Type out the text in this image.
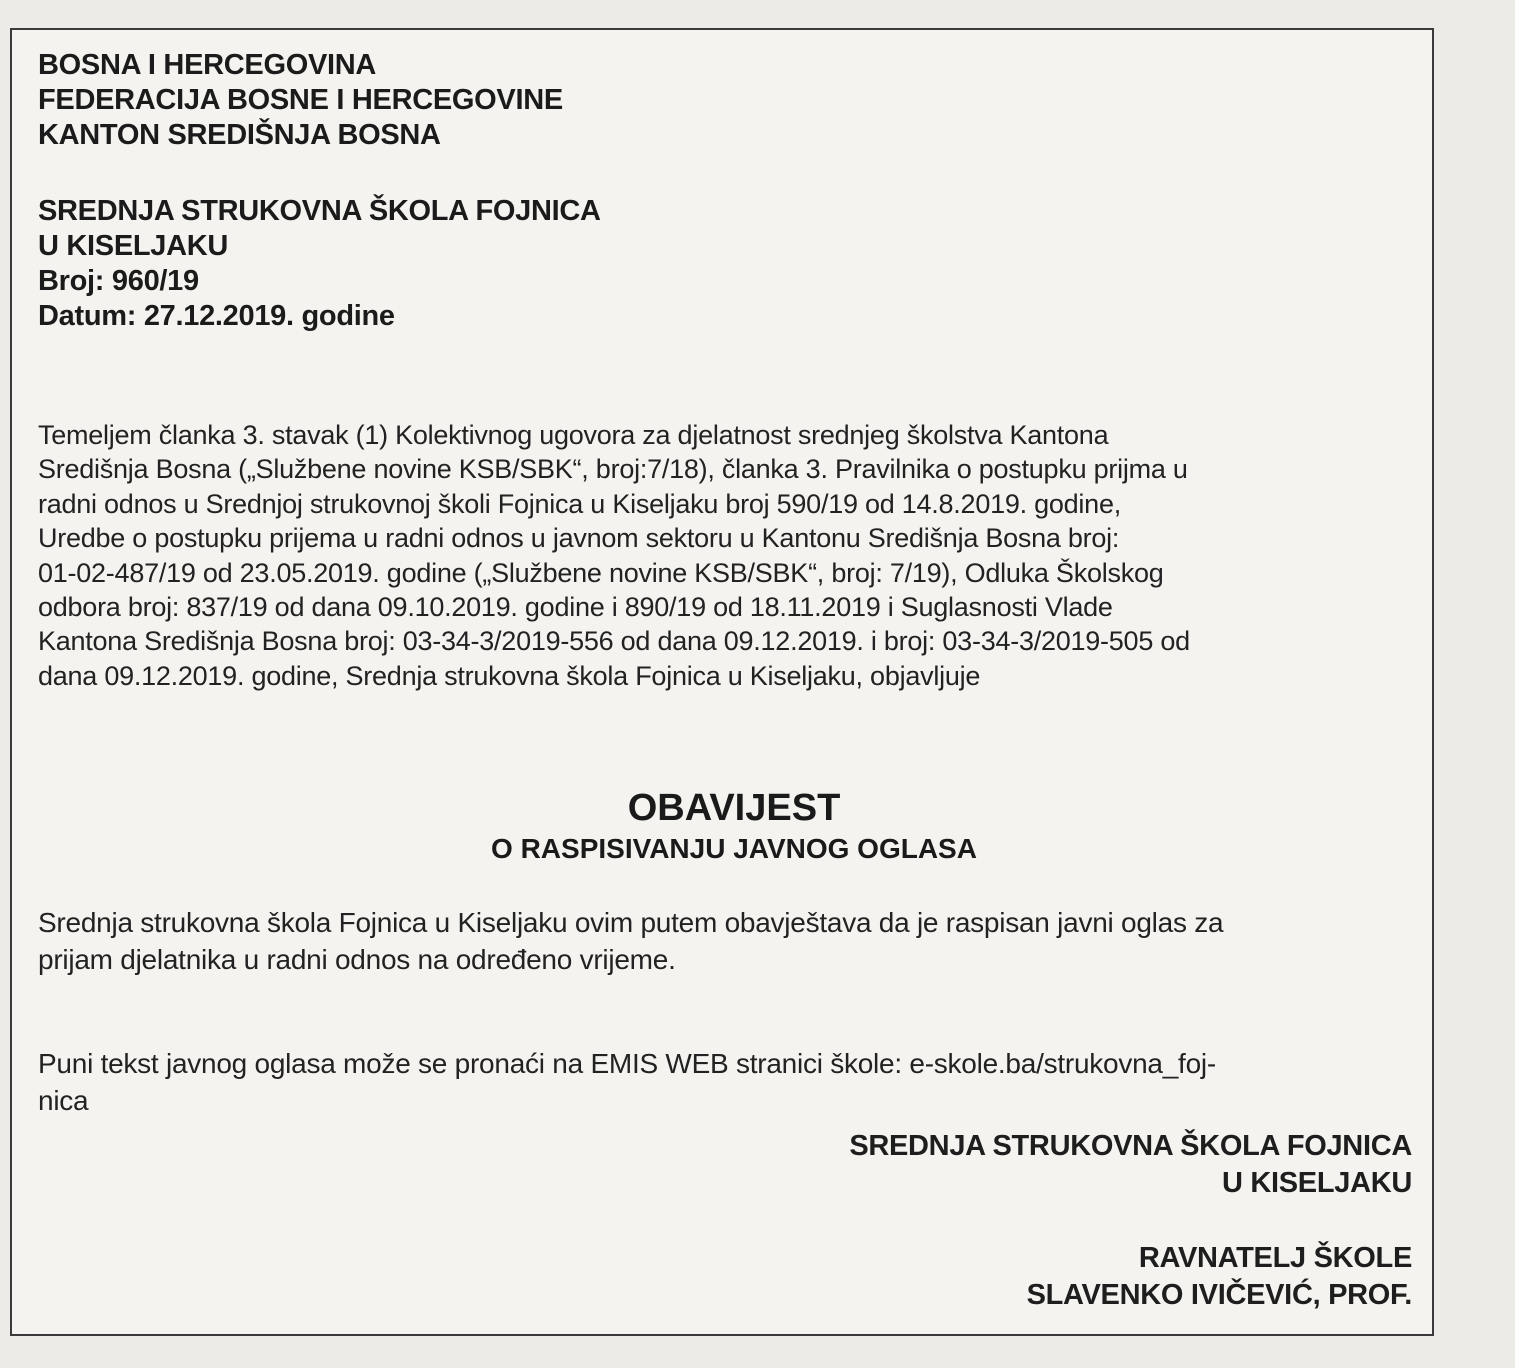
BOSNA I HERCEGOVINA
FEDERACIJA BOSNE I HERCEGOVINE
KANTON SREDIŠNJA BOSNA
SREDNJA STRUKOVNA ŠKOLA FOJNICA
U KISELJAKU
Broj: 960/19
Datum: 27.12.2019. godine
Temeljem članka 3. stavak (1) Kolektivnog ugovora za djelatnost srednjeg školstva Kantona
Središnja Bosna („Službene novine KSB/SBK“, broj:7/18), članka 3. Pravilnika o postupku prijma u
radni odnos u Srednjoj strukovnoj školi Fojnica u Kiseljaku broj 590/19 od 14.8.2019. godine,
Uredbe o postupku prijema u radni odnos u javnom sektoru u Kantonu Središnja Bosna broj:
01-02-487/19 od 23.05.2019. godine („Službene novine KSB/SBK“, broj: 7/19), Odluka Školskog
odbora broj: 837/19 od dana 09.10.2019. godine i 890/19 od 18.11.2019 i Suglasnosti Vlade
Kantona Središnja Bosna broj: 03-34-3/2019-556 od dana 09.12.2019. i broj: 03-34-3/2019-505 od
dana 09.12.2019. godine, Srednja strukovna škola Fojnica u Kiseljaku, objavljuje
OBAVIJEST
O RASPISIVANJU JAVNOG OGLASA
Srednja strukovna škola Fojnica u Kiseljaku ovim putem obavještava da je raspisan javni oglas za
prijam djelatnika u radni odnos na određeno vrijeme.
Puni tekst javnog oglasa može se pronaći na EMIS WEB stranici škole: e-skole.ba/strukovna_foj-
nica
SREDNJA STRUKOVNA ŠKOLA FOJNICA
U KISELJAKU
RAVNATELJ ŠKOLE
SLAVENKO IVIČEVIĆ, PROF.
